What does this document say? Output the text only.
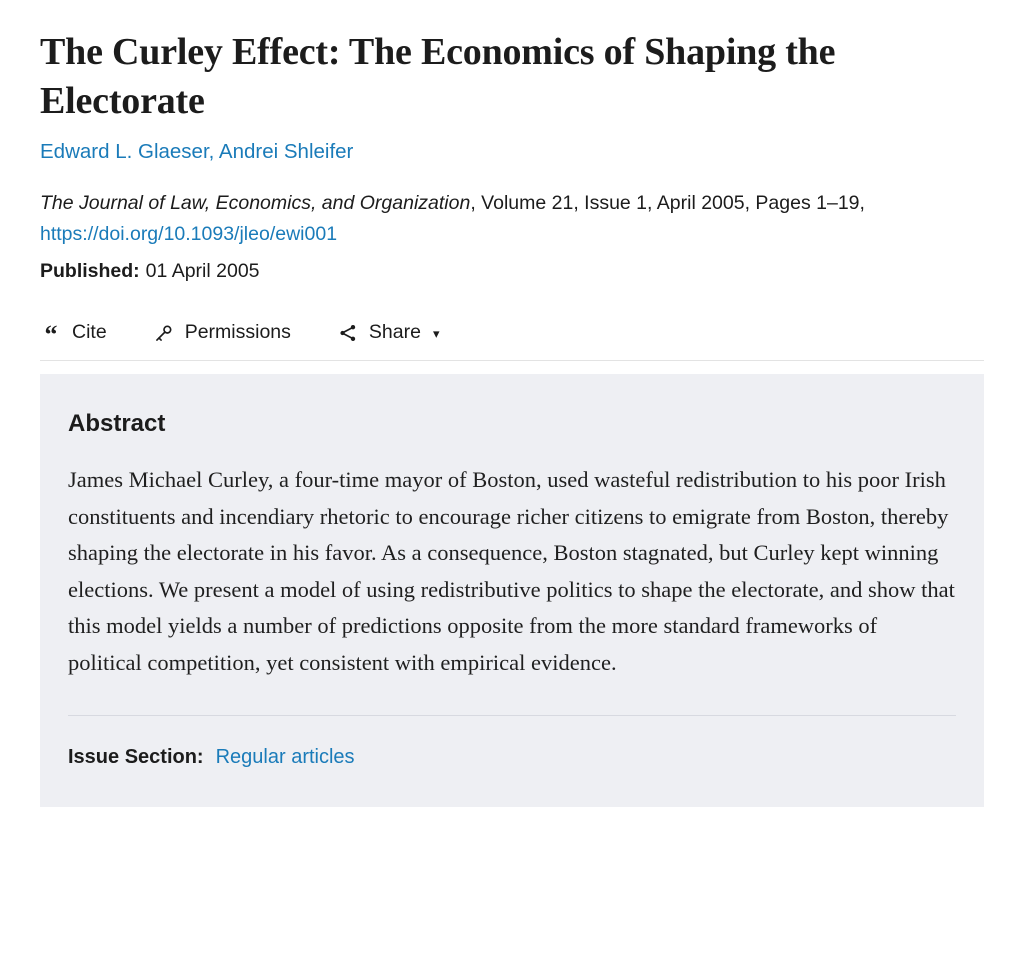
The Curley Effect: The Economics of Shaping the Electorate
Edward L. Glaeser, Andrei Shleifer
The Journal of Law, Economics, and Organization, Volume 21, Issue 1, April 2005, Pages 1–19, https://doi.org/10.1093/jleo/ewi001
Published: 01 April 2005
“ Cite	Permissions	Share ▾
Abstract

James Michael Curley, a four-time mayor of Boston, used wasteful redistribution to his poor Irish constituents and incendiary rhetoric to encourage richer citizens to emigrate from Boston, thereby shaping the electorate in his favor. As a consequence, Boston stagnated, but Curley kept winning elections. We present a model of using redistributive politics to shape the electorate, and show that this model yields a number of predictions opposite from the more standard frameworks of political competition, yet consistent with empirical evidence.

Issue Section: Regular articles
